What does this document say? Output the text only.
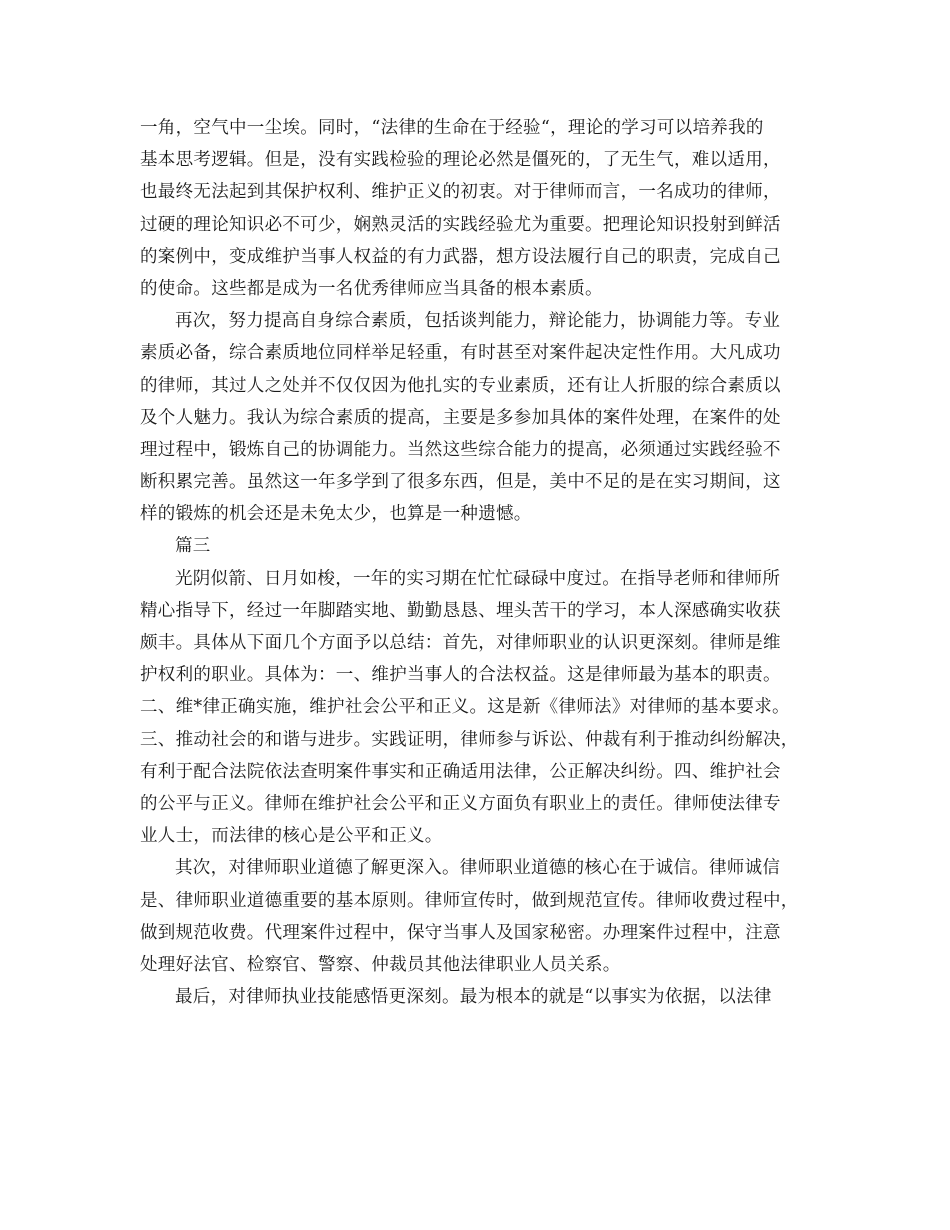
一角，空气中一尘埃。同时，“法律的生命在于经验“，理论的学习可以培养我的
基本思考逻辑。但是，没有实践检验的理论必然是僵死的，了无生气，难以适用，
也最终无法起到其保护权利、维护正义的初衷。对于律师而言，一名成功的律师，
过硬的理论知识必不可少，娴熟灵活的实践经验尤为重要。把理论知识投射到鲜活
的案例中，变成维护当事人权益的有力武器，想方设法履行自己的职责，完成自己
的使命。这些都是成为一名优秀律师应当具备的根本素质。
再次，努力提高自身综合素质，包括谈判能力，辩论能力，协调能力等。专业
素质必备，综合素质地位同样举足轻重，有时甚至对案件起决定性作用。大凡成功
的律师，其过人之处并不仅仅因为他扎实的专业素质，还有让人折服的综合素质以
及个人魅力。我认为综合素质的提高，主要是多参加具体的案件处理，在案件的处
理过程中，锻炼自己的协调能力。当然这些综合能力的提高，必须通过实践经验不
断积累完善。虽然这一年多学到了很多东西，但是，美中不足的是在实习期间，这
样的锻炼的机会还是未免太少，也算是一种遗憾。
篇三
光阴似箭、日月如梭，一年的实习期在忙忙碌碌中度过。在指导老师和律师所
精心指导下，经过一年脚踏实地、勤勤恳恳、埋头苦干的学习，本人深感确实收获
颇丰。具体从下面几个方面予以总结：首先，对律师职业的认识更深刻。律师是维
护权利的职业。具体为：一、维护当事人的合法权益。这是律师最为基本的职责。
二、维*律正确实施，维护社会公平和正义。这是新《律师法》对律师的基本要求。
三、推动社会的和谐与进步。实践证明，律师参与诉讼、仲裁有利于推动纠纷解决，
有利于配合法院依法查明案件事实和正确适用法律，公正解决纠纷。四、维护社会
的公平与正义。律师在维护社会公平和正义方面负有职业上的责任。律师使法律专
业人士，而法律的核心是公平和正义。
其次，对律师职业道德了解更深入。律师职业道德的核心在于诚信。律师诚信
是、律师职业道德重要的基本原则。律师宣传时，做到规范宣传。律师收费过程中，
做到规范收费。代理案件过程中，保守当事人及国家秘密。办理案件过程中，注意
处理好法官、检察官、警察、仲裁员其他法律职业人员关系。
最后，对律师执业技能感悟更深刻。最为根本的就是“以事实为依据，以法律
